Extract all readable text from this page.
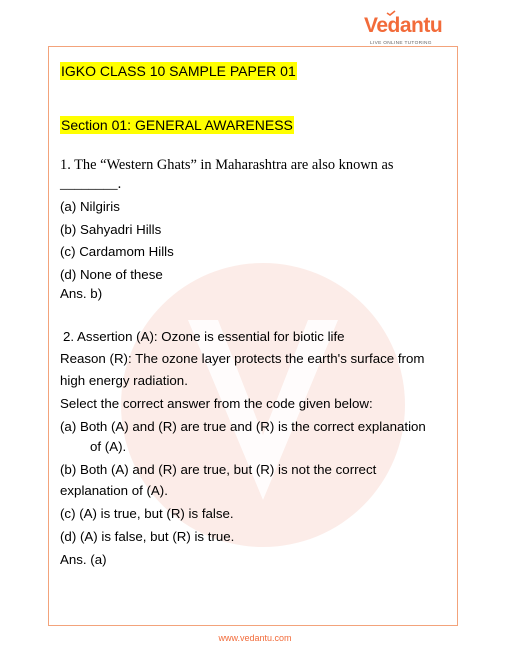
Vedantu
LIVE ONLINE TUTORING
IGKO CLASS 10 SAMPLE PAPER 01
Section 01: GENERAL AWARENESS
1. The “Western Ghats” in Maharashtra are also known as
________.
(a) Nilgiris
(b) Sahyadri Hills
(c) Cardamom Hills
(d) None of these
Ans. b)
2. Assertion (A): Ozone is essential for biotic life
Reason (R): The ozone layer protects the earth's surface from
high energy radiation.
Select the correct answer from the code given below:
(a) Both (A) and (R) are true and (R) is the correct explanation
of (A).
(b) Both (A) and (R) are true, but (R) is not the correct
explanation of (A).
(c) (A) is true, but (R) is false.
(d) (A) is false, but (R) is true.
Ans. (a)
www.vedantu.com
